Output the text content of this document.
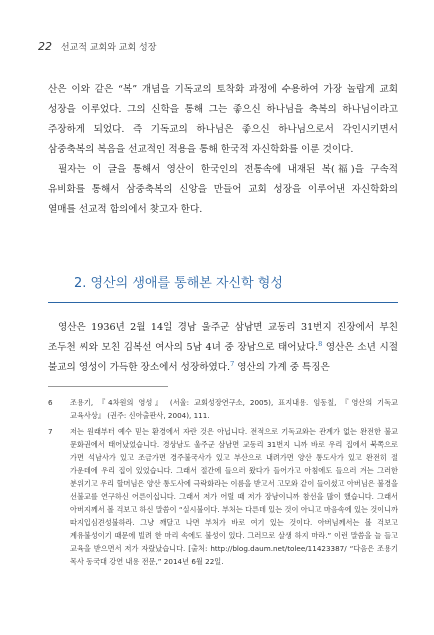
22 선교적 교회와 교회 성장

산은 이와 같은 “복” 개념을 기독교의 토착화 과정에 수용하여 가장 놀랍게 교회 성장을 이루었다. 그의 신학을 통해 그는 좋으신 하나님을 축복의 하나님이라고 주장하게 되었다. 즉 기독교의 하나님은 좋으신 하나님으로서 각인시키면서 삼중축복의 복음을 선교적인 적용을 통해 한국적 자신학화를 이룬 것이다.

필자는 이 글을 통해서 영산이 한국인의 전통속에 내재된 복(福)을 구속적 유비화를 통해서 삼중축복의 신앙을 만들어 교회 성장을 이루어낸 자신학화의 열매를 선교적 함의에서 찾고자 한다.

2. 영산의 생애를 통해본 자신학 형성

영산은 1936년 2월 14일 경남 울주군 삼남면 교동리 31번지 진장에서 부친 조두천 씨와 모친 김복선 여사의 5남 4녀 중 장남으로 태어났다.$^8$ 영산은 소년 시절 불교의 영성이 가득한 장소에서 성장하였다.$^7$ 영산의 가계 중 특징은

6	조용기, 『4차원의 영성』 (서울: 교회성장연구소, 2005), 표지내용. 임동칠, 『영산의 기독교 교육사상』 (권주: 신아출판사, 2004), 111.
7	저는 원래부터 예수 믿는 환경에서 자란 것은 아닙니다. 전적으로 기독교와는 관계가 없는 완전한 불교 문화권에서 태어났었습니다. 경상남도 울주군 삼남면 교동리 31번지 니까 바로 우리 집에서 북쪽으로 가면 석남사가 있고 조금가면 경주불국사가 있고 부산으로 내려가면 양산 통도사가 있고 완전히 절 가운데에 우리 집이 있었습니다. 그래서 절간에 들으러 왔다가 들어가고 아침에도 들으러 겨는 그러한 분위기고 우리 할머님은 양산 통도사에 극락화라는 이름을 받고서 고모와 같이 들이셨고 아버님은 불경을 선불교를 연구하신 어른이십니다. 그래서 저가 어릴 때 저가 장남이니까 참선을 많이 했습니다. 그래서 아버지께서 볼 걱보고 하신 말씀이 “실시불이다. 부처는 다른데 있는 것이 아니고 마음속에 있는 것이니까 따지입심견성불하라. 그냥 깨달고 나면 부처가 바로 여기 있는 것이다. 아버님께서는 볼 걱보고 계유불성이기 때문에 빌려 한 마리 속에도 불성이 있다. 그러므로 살생 하지 마라.” 이런 말씀을 늘 들고 교육을 받으면서 저가 자랐났습니다. [출처: http://blog.daum.net/tolee/11423387/ “다음은 조용기 목사 동국대 강연 내용 전문,” 2014년 6월 22일.
